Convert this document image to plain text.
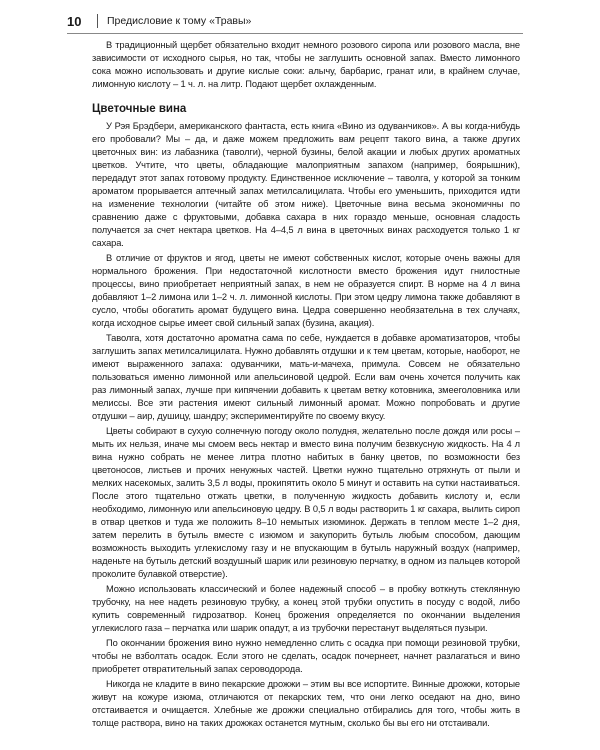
10 Предисловие к тому «Травы»

В традиционный щербет обязательно входит немного розового сиропа или розового масла, вне зависимости от исходного сырья, но так, чтобы не заглушить основной запах. Вместо лимонного сока можно использовать и другие кислые соки: алычу, барбарис, гранат или, в крайнем случае, лимонную кислоту – 1 ч. л. на литр. Подают щербет охлажденным.

Цветочные вина

У Рэя Брэдбери, американского фантаста, есть книга «Вино из одуванчиков». А вы когда-нибудь его пробовали? Мы – да, и даже можем предложить вам рецепт такого вина, а также других цветочных вин: из лабазника (таволги), черной бузины, белой акации и любых других ароматных цветков. Учтите, что цветы, обладающие малоприятным запахом (например, боярышник), передадут этот запах готовому продукту. Единственное исключение – таволга, у которой за тонким ароматом прорывается аптечный запах метилсалицилата. Чтобы его уменьшить, приходится идти на изменение технологии (читайте об этом ниже). Цветочные вина весьма экономичны по сравнению даже с фруктовыми, добавка сахара в них гораздо меньше, основная сладость получается за счет нектара цветков. На 4–4,5 л вина в цветочных винах расходуется только 1 кг сахара.

В отличие от фруктов и ягод, цветы не имеют собственных кислот, которые очень важны для нормального брожения. При недостаточной кислотности вместо брожения идут гнилостные процессы, вино приобретает неприятный запах, в нем не образуется спирт. В норме на 4 л вина добавляют 1–2 лимона или 1–2 ч. л. лимонной кислоты. При этом цедру лимона также добавляют в сусло, чтобы обогатить аромат будущего вина. Цедра совершенно необязательна в тех случаях, когда исходное сырье имеет свой сильный запах (бузина, акация).

Таволга, хотя достаточно ароматна сама по себе, нуждается в добавке ароматизаторов, чтобы заглушить запах метилсалицилата. Нужно добавлять отдушки и к тем цветам, которые, наоборот, не имеют выраженного запаха: одуванчики, мать-и-мачеха, примула. Совсем не обязательно пользоваться именно лимонной или апельсиновой цедрой. Если вам очень хочется получить как раз лимонный запах, лучше при кипячении добавить к цветам ветку котовника, змееголовника или мелиссы. Все эти растения имеют сильный лимонный аромат. Можно попробовать и другие отдушки – аир, душицу, шандру; экспериментируйте по своему вкусу.

Цветы собирают в сухую солнечную погоду около полудня, желательно после дождя или росы – мыть их нельзя, иначе мы смоем весь нектар и вместо вина получим безвкусную жидкость. На 4 л вина нужно собрать не менее литра плотно набитых в банку цветов, по возможности без цветоносов, листьев и прочих ненужных частей. Цветки нужно тщательно отряхнуть от пыли и мелких насекомых, залить 3,5 л воды, прокипятить около 5 минут и оставить на сутки настаиваться. После этого тщательно отжать цветки, в полученную жидкость добавить кислоту и, если необходимо, лимонную или апельсиновую цедру. В 0,5 л воды растворить 1 кг сахара, вылить сироп в отвар цветков и туда же положить 8–10 немытых изюминок. Держать в теплом месте 1–2 дня, затем перелить в бутыль вместе с изюмом и закупорить бутыль любым способом, дающим возможность выходить углекислому газу и не впускающим в бутыль наружный воздух (например, наденьте на бутыль детский воздушный шарик или резиновую перчатку, в одном из пальцев которой проколите булавкой отверстие).

Можно использовать классический и более надежный способ – в пробку воткнуть стеклянную трубочку, на нее надеть резиновую трубку, а конец этой трубки опустить в посуду с водой, либо купить современный гидрозатвор. Конец брожения определяется по окончании выделения углекислого газа – перчатка или шарик опадут, а из трубочки перестанут выделяться пузыри.

По окончании брожения вино нужно немедленно слить с осадка при помощи резиновой трубки, чтобы не взболтать осадок. Если этого не сделать, осадок почернеет, начнет разлагаться и вино приобретет отвратительный запах сероводорода.

Никогда не кладите в вино пекарские дрожжи – этим вы все испортите. Винные дрожжи, которые живут на кожуре изюма, отличаются от пекарских тем, что они легко оседают на дно, вино отстаивается и очищается. Хлебные же дрожжи специально отбирались для того, чтобы жить в толще раствора, вино на таких дрожжах останется мутным, сколько бы вы его ни отстаивали.
